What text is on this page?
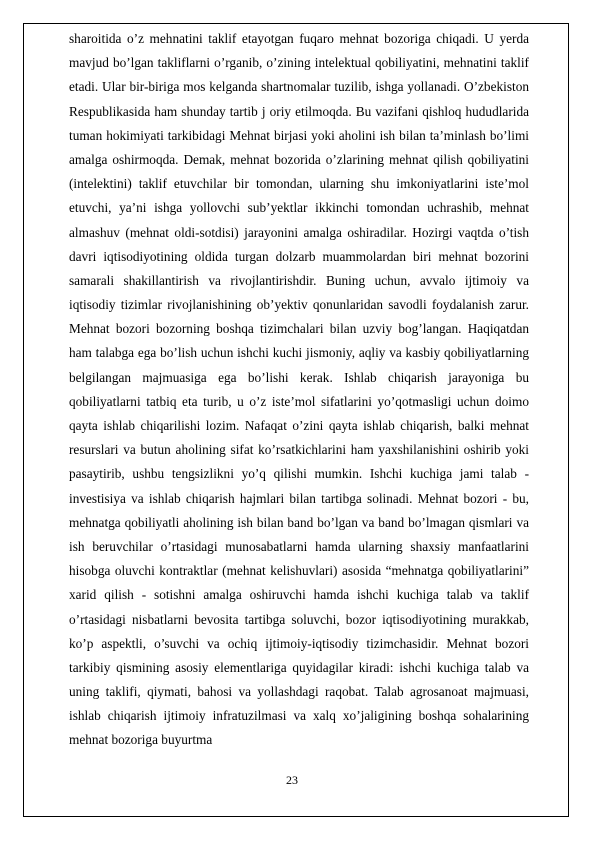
sharoitida o’z mehnatini taklif etayotgan fuqaro mehnat bozoriga chiqadi. U yerda mavjud bo’lgan takliflarni o’rganib, o’zining intelektual qobiliyatini, mehnatini taklif etadi. Ular bir-biriga mos kelganda shartnomalar tuzilib, ishga yollanadi. O’zbekiston Respublikasida ham shunday tartib j oriy etilmoqda. Bu vazifani qishloq hududlarida tuman hokimiyati tarkibidagi Mehnat birjasi yoki aholini ish bilan ta’minlash bo’limi amalga oshirmoqda. Demak, mehnat bozorida o’zlarining mehnat qilish qobiliyatini (intelektini) taklif etuvchilar bir tomondan, ularning shu imkoniyatlarini iste’mol etuvchi, ya’ni ishga yollovchi sub’yektlar ikkinchi tomondan uchrashib, mehnat almashuv (mehnat oldi-sotdisi) jarayonini amalga oshiradilar. Hozirgi vaqtda o’tish davri iqtisodiyotining oldida turgan dolzarb muammolardan biri mehnat bozorini samarali shakillantirish va rivojlantirishdir. Buning uchun, avvalo ijtimoiy va iqtisodiy tizimlar rivojlanishining ob’yektiv qonunlaridan savodli foydalanish zarur. Mehnat bozori bozorning boshqa tizimchalari bilan uzviy bog’langan. Haqiqatdan ham talabga ega bo’lish uchun ishchi kuchi jismoniy, aqliy va kasbiy qobiliyatlarning belgilangan majmuasiga ega bo’lishi kerak. Ishlab chiqarish jarayoniga bu qobiliyatlarni tatbiq eta turib, u o’z iste’mol sifatlarini yo’qotmasligi uchun doimo qayta ishlab chiqarilishi lozim. Nafaqat o’zini qayta ishlab chiqarish, balki mehnat resurslari va butun aholining sifat ko’rsatkichlarini ham yaxshilanishini oshirib yoki pasaytirib, ushbu tengsizlikni yo’q qilishi mumkin. Ishchi kuchiga jami talab - investisiya va ishlab chiqarish hajmlari bilan tartibga solinadi. Mehnat bozori - bu, mehnatga qobiliyatli aholining ish bilan band bo’lgan va band bo’lmagan qismlari va ish beruvchilar o’rtasidagi munosabatlarni hamda ularning shaxsiy manfaatlarini hisobga oluvchi kontraktlar (mehnat kelishuvlari) asosida “mehnatga qobiliyatlarini” xarid qilish - sotishni amalga oshiruvchi hamda ishchi kuchiga talab va taklif o’rtasidagi nisbatlarni bevosita tartibga soluvchi, bozor iqtisodiyotining murakkab, ko’p aspektli, o’suvchi va ochiq ijtimoiy-iqtisodiy tizimchasidir. Mehnat bozori tarkibiy qismining asosiy elementlariga quyidagilar kiradi: ishchi kuchiga talab va uning taklifi, qiymati, bahosi va yollashdagi raqobat. Talab agrosanoat majmuasi, ishlab chiqarish ijtimoiy infratuzilmasi va xalq xo’jaligining boshqa sohalarining mehnat bozoriga buyurtma

23
